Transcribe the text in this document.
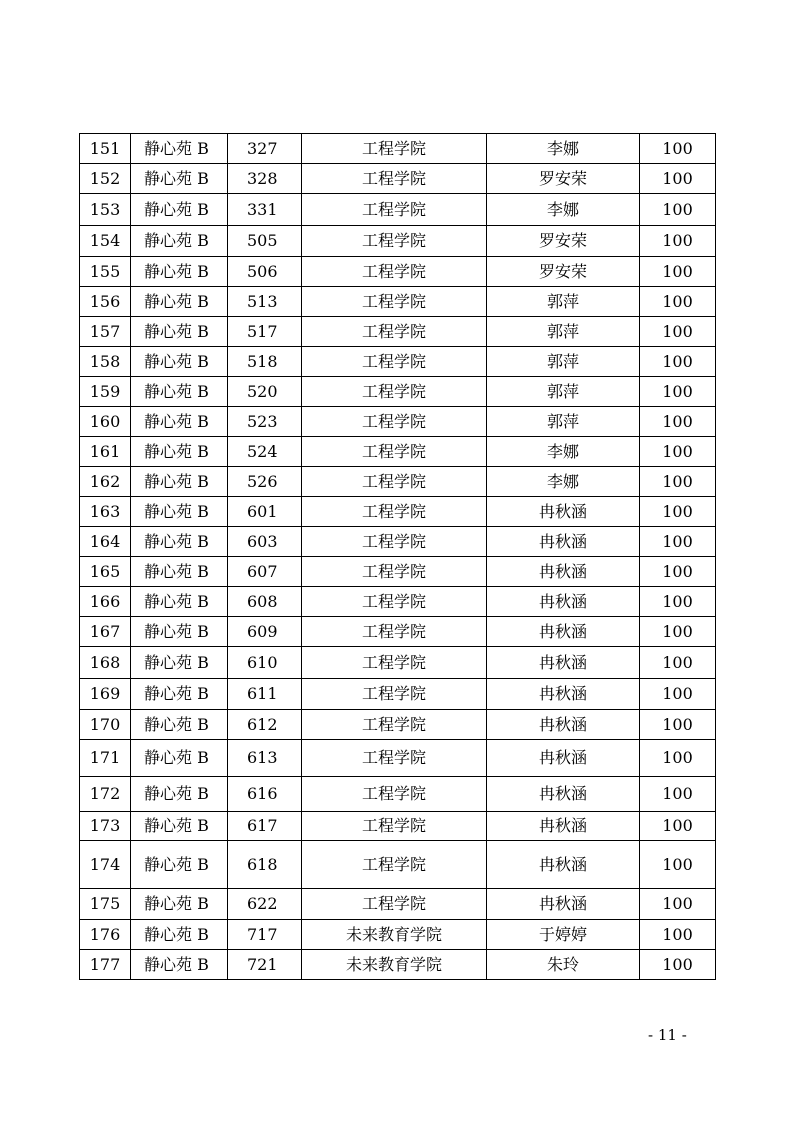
151	静心苑 B	327	工程学院	李娜	100
152	静心苑 B	328	工程学院	罗安荣	100
153	静心苑 B	331	工程学院	李娜	100
154	静心苑 B	505	工程学院	罗安荣	100
155	静心苑 B	506	工程学院	罗安荣	100
156	静心苑 B	513	工程学院	郭萍	100
157	静心苑 B	517	工程学院	郭萍	100
158	静心苑 B	518	工程学院	郭萍	100
159	静心苑 B	520	工程学院	郭萍	100
160	静心苑 B	523	工程学院	郭萍	100
161	静心苑 B	524	工程学院	李娜	100
162	静心苑 B	526	工程学院	李娜	100
163	静心苑 B	601	工程学院	冉秋涵	100
164	静心苑 B	603	工程学院	冉秋涵	100
165	静心苑 B	607	工程学院	冉秋涵	100
166	静心苑 B	608	工程学院	冉秋涵	100
167	静心苑 B	609	工程学院	冉秋涵	100
168	静心苑 B	610	工程学院	冉秋涵	100
169	静心苑 B	611	工程学院	冉秋涵	100
170	静心苑 B	612	工程学院	冉秋涵	100
171	静心苑 B	613	工程学院	冉秋涵	100
172	静心苑 B	616	工程学院	冉秋涵	100
173	静心苑 B	617	工程学院	冉秋涵	100
174	静心苑 B	618	工程学院	冉秋涵	100
175	静心苑 B	622	工程学院	冉秋涵	100
176	静心苑 B	717	未来教育学院	于婷婷	100
177	静心苑 B	721	未来教育学院	朱玲	100
- 11 -
